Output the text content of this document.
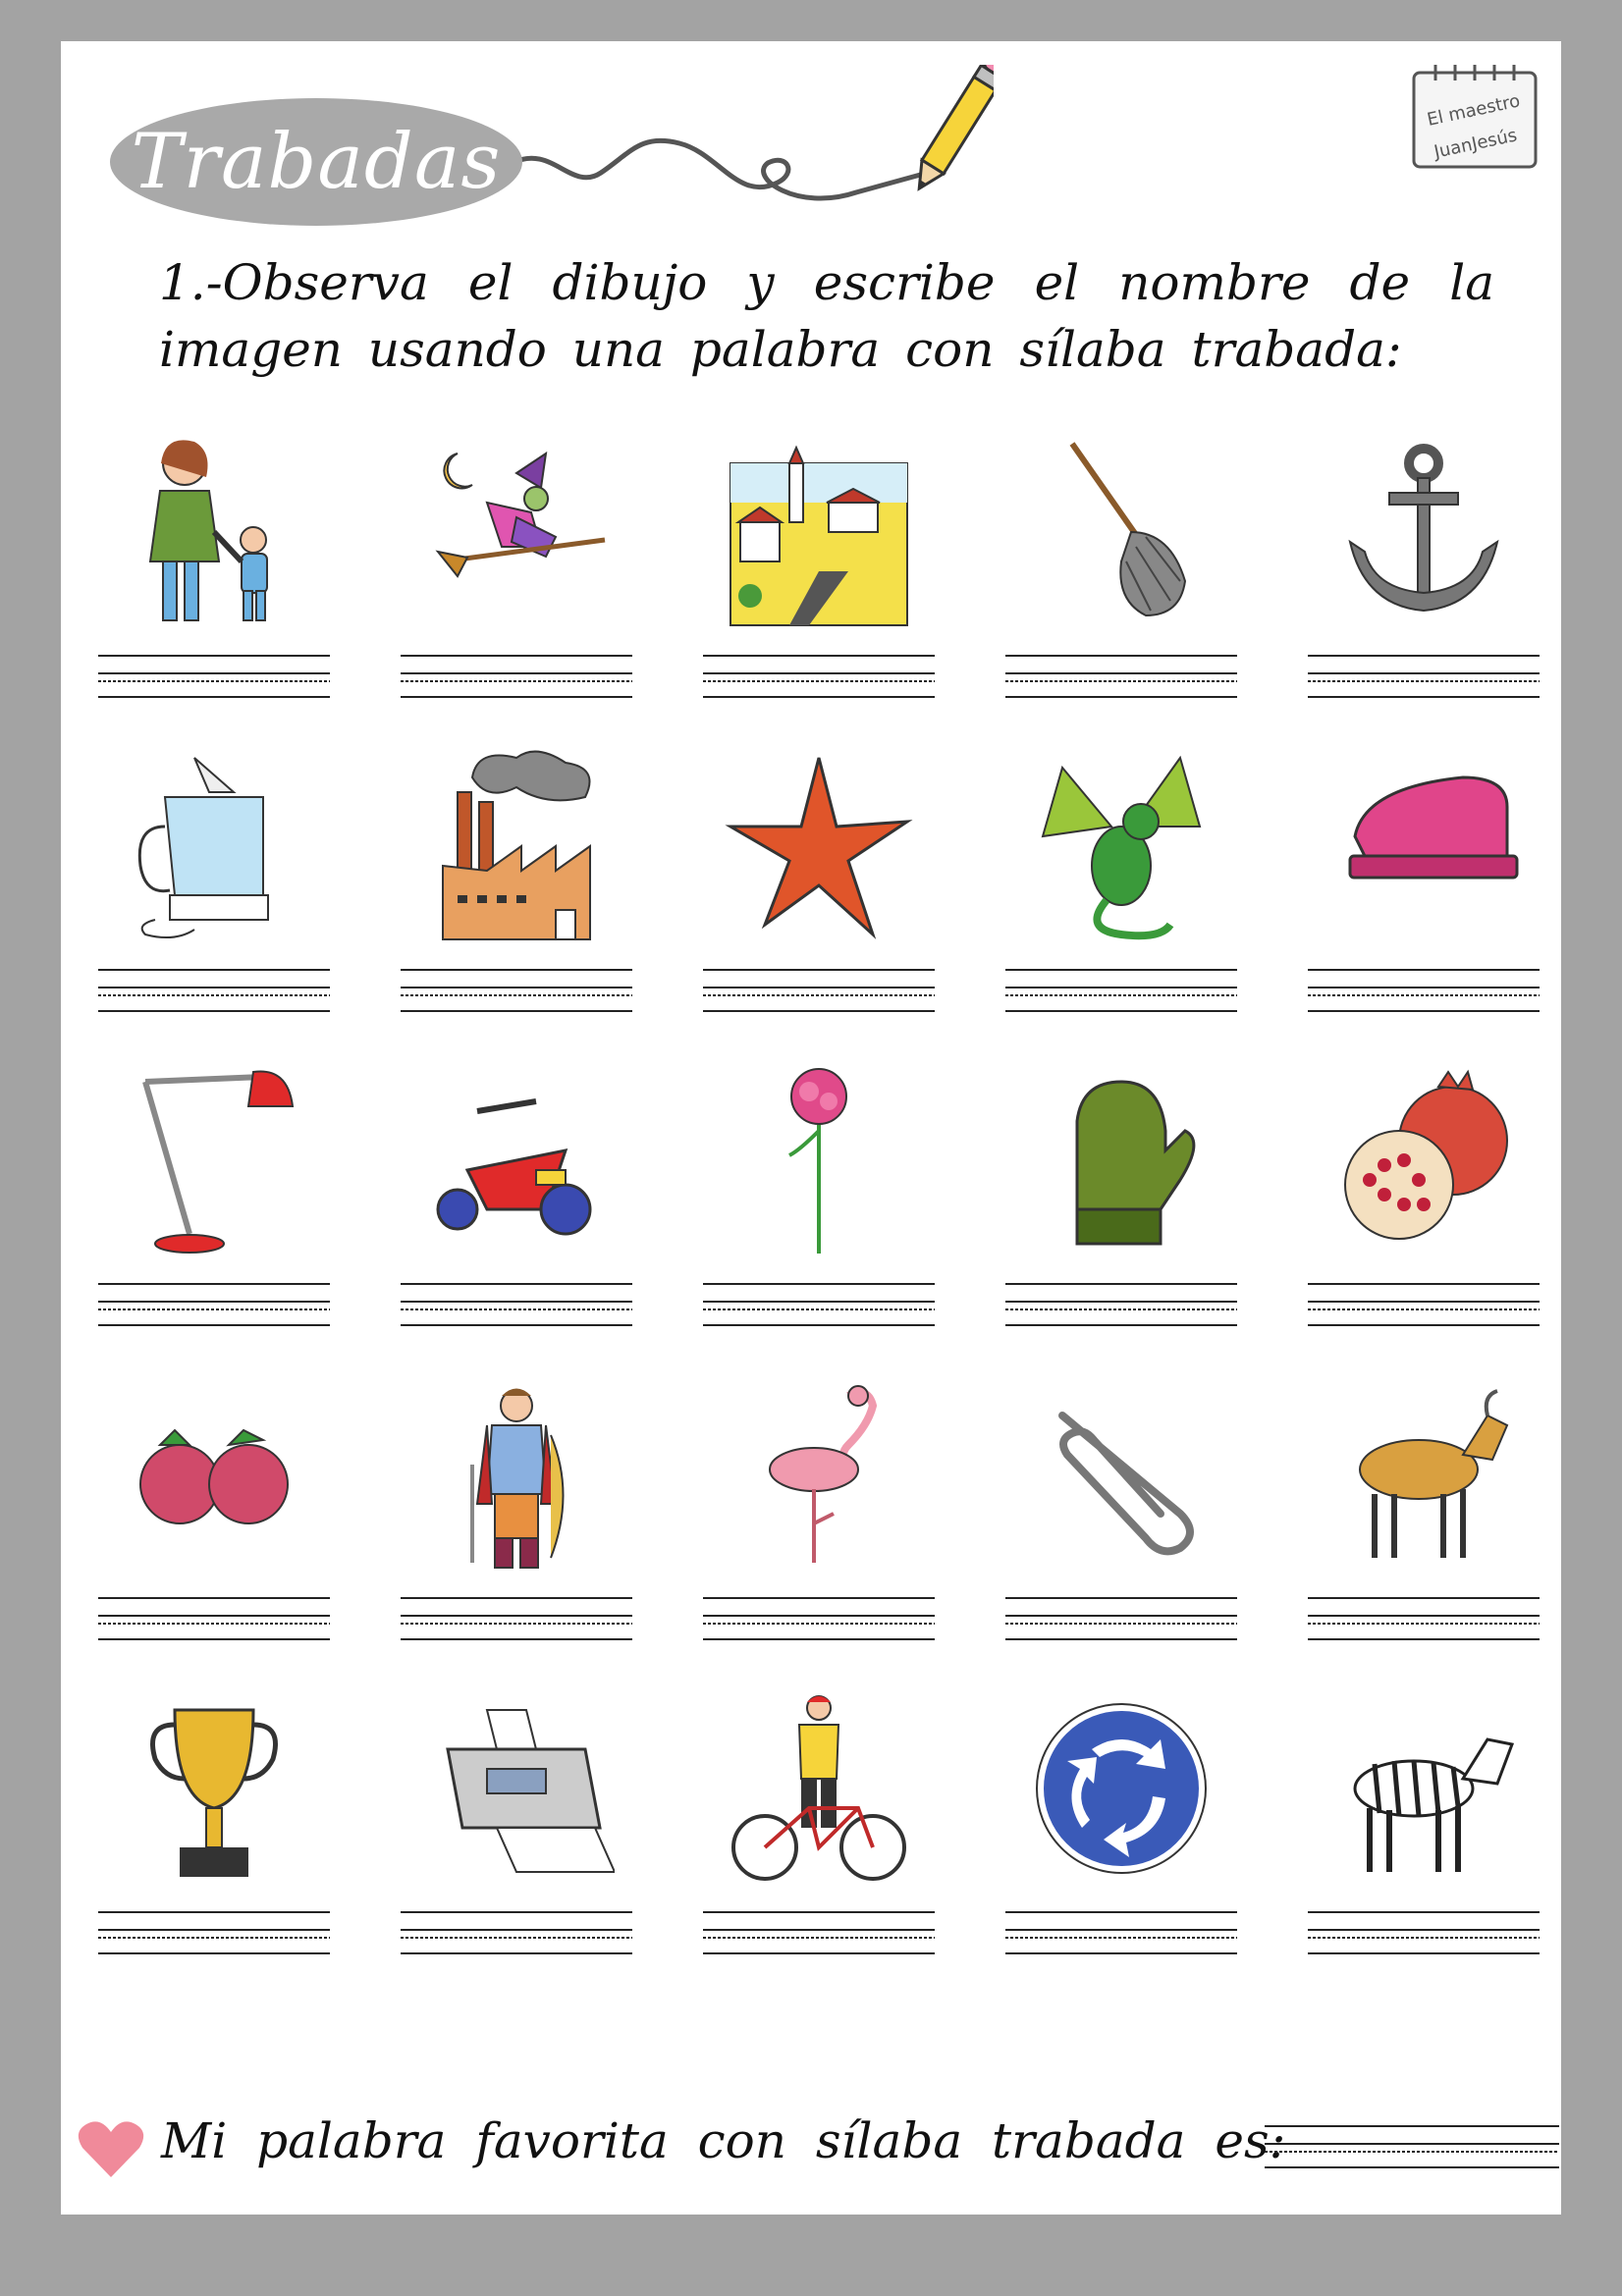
Trabadas
El maestro
JuanJesús
1.-Observa el dibujo y escribe el nombre de la imagen usando una palabra con sílaba trabada:
Mi palabra favorita con sílaba trabada es:
